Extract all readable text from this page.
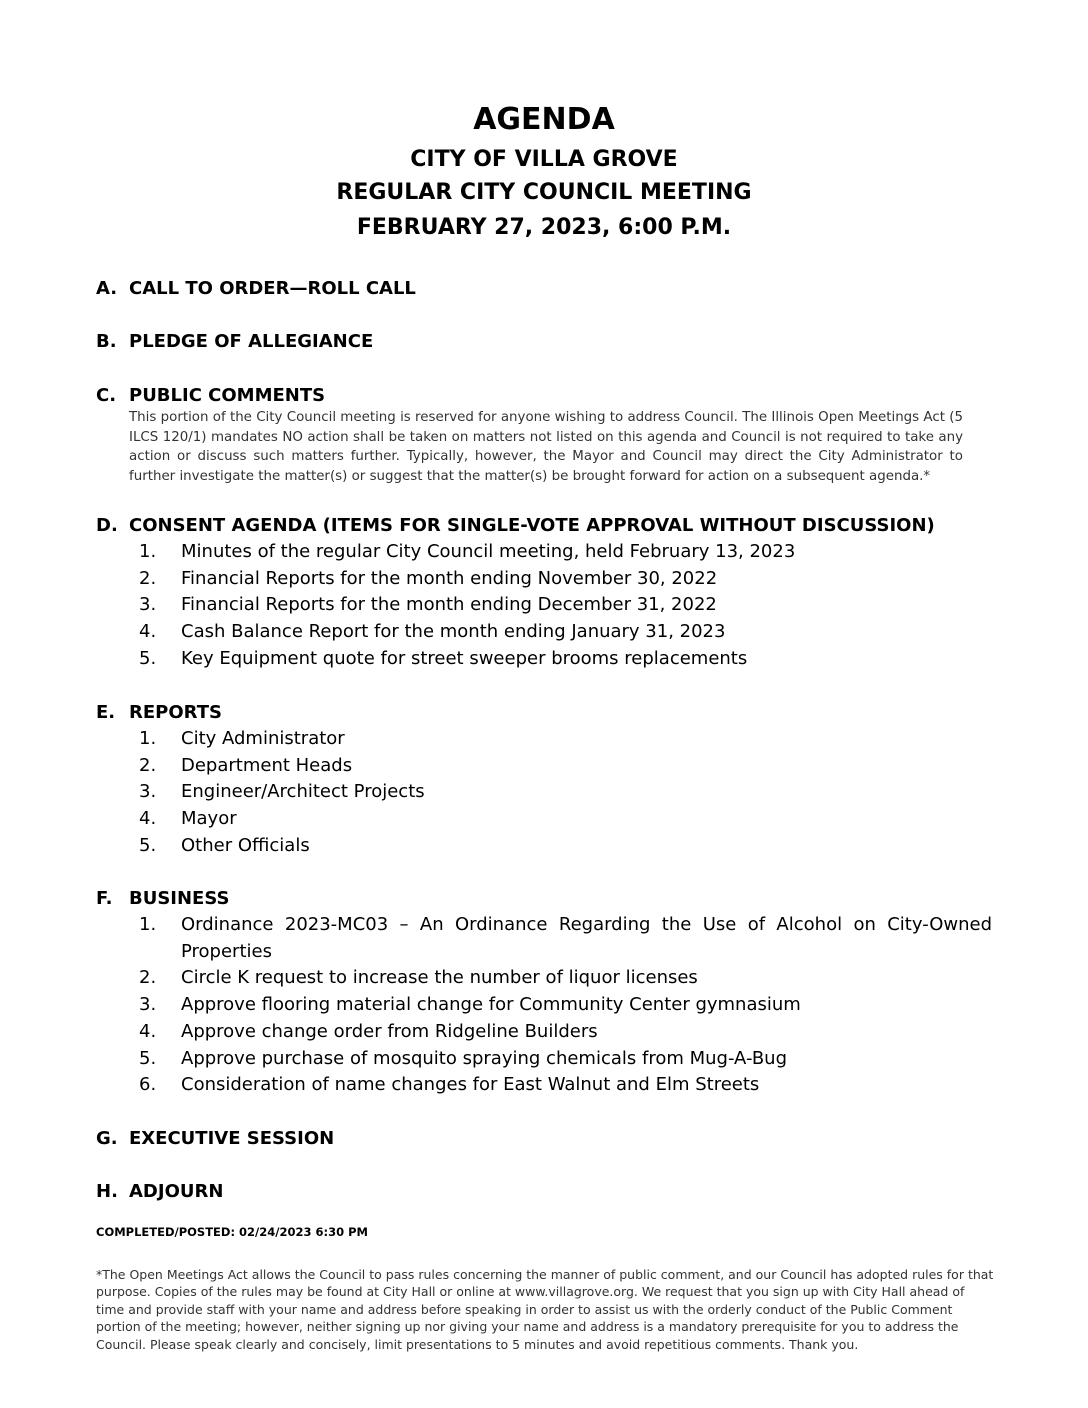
AGENDA
CITY OF VILLA GROVE
REGULAR CITY COUNCIL MEETING
FEBRUARY 27, 2023, 6:00 P.M.
A. CALL TO ORDER—ROLL CALL
B. PLEDGE OF ALLEGIANCE
C. PUBLIC COMMENTS
This portion of the City Council meeting is reserved for anyone wishing to address Council. The Illinois Open Meetings Act (5 ILCS 120/1) mandates NO action shall be taken on matters not listed on this agenda and Council is not required to take any action or discuss such matters further. Typically, however, the Mayor and Council may direct the City Administrator to further investigate the matter(s) or suggest that the matter(s) be brought forward for action on a subsequent agenda.*
D. CONSENT AGENDA (ITEMS FOR SINGLE-VOTE APPROVAL WITHOUT DISCUSSION)
1. Minutes of the regular City Council meeting, held February 13, 2023
2. Financial Reports for the month ending November 30, 2022
3. Financial Reports for the month ending December 31, 2022
4. Cash Balance Report for the month ending January 31, 2023
5. Key Equipment quote for street sweeper brooms replacements
E. REPORTS
1. City Administrator
2. Department Heads
3. Engineer/Architect Projects
4. Mayor
5. Other Officials
F. BUSINESS
1. Ordinance 2023-MC03 – An Ordinance Regarding the Use of Alcohol on City-Owned Properties
2. Circle K request to increase the number of liquor licenses
3. Approve flooring material change for Community Center gymnasium
4. Approve change order from Ridgeline Builders
5. Approve purchase of mosquito spraying chemicals from Mug-A-Bug
6. Consideration of name changes for East Walnut and Elm Streets
G. EXECUTIVE SESSION
H. ADJOURN
COMPLETED/POSTED: 02/24/2023 6:30 PM
*The Open Meetings Act allows the Council to pass rules concerning the manner of public comment, and our Council has adopted rules for that purpose. Copies of the rules may be found at City Hall or online at www.villagrove.org. We request that you sign up with City Hall ahead of time and provide staff with your name and address before speaking in order to assist us with the orderly conduct of the Public Comment portion of the meeting; however, neither signing up nor giving your name and address is a mandatory prerequisite for you to address the Council. Please speak clearly and concisely, limit presentations to 5 minutes and avoid repetitious comments. Thank you.
